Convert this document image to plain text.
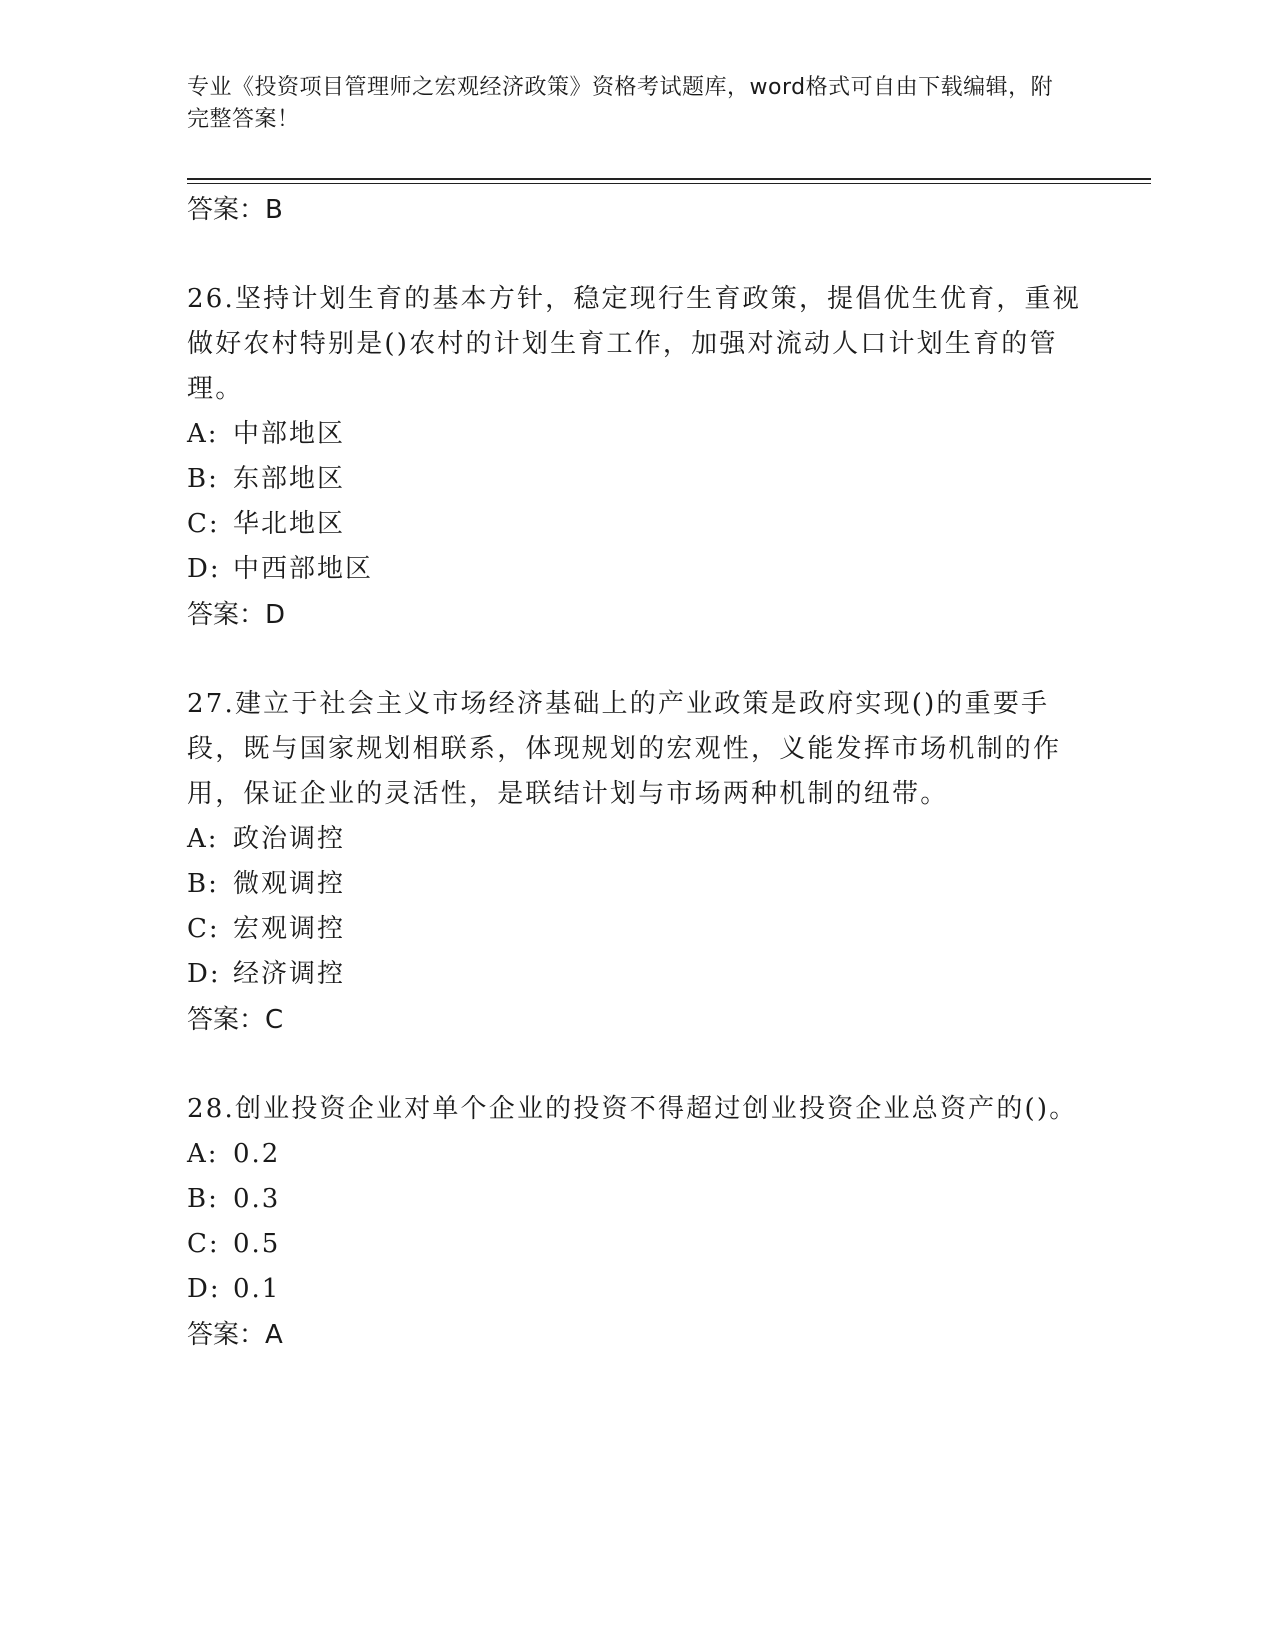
专业《投资项目管理师之宏观经济政策》资格考试题库，word格式可自由下载编辑，附完整答案！
答案：B

26.坚持计划生育的基本方针，稳定现行生育政策，提倡优生优育，重视做好农村特别是()农村的计划生育工作，加强对流动人口计划生育的管理。

A: 中部地区
B: 东部地区
C: 华北地区
D: 中西部地区
答案：D

27.建立于社会主义市场经济基础上的产业政策是政府实现()的重要手段，既与国家规划相联系，体现规划的宏观性，义能发挥市场机制的作用，保证企业的灵活性，是联结计划与市场两种机制的纽带。

A: 政治调控
B: 微观调控
C: 宏观调控
D: 经济调控
答案：C

28.创业投资企业对单个企业的投资不得超过创业投资企业总资产的()。

A: 0.2
B: 0.3
C: 0.5
D: 0.1
答案：A
